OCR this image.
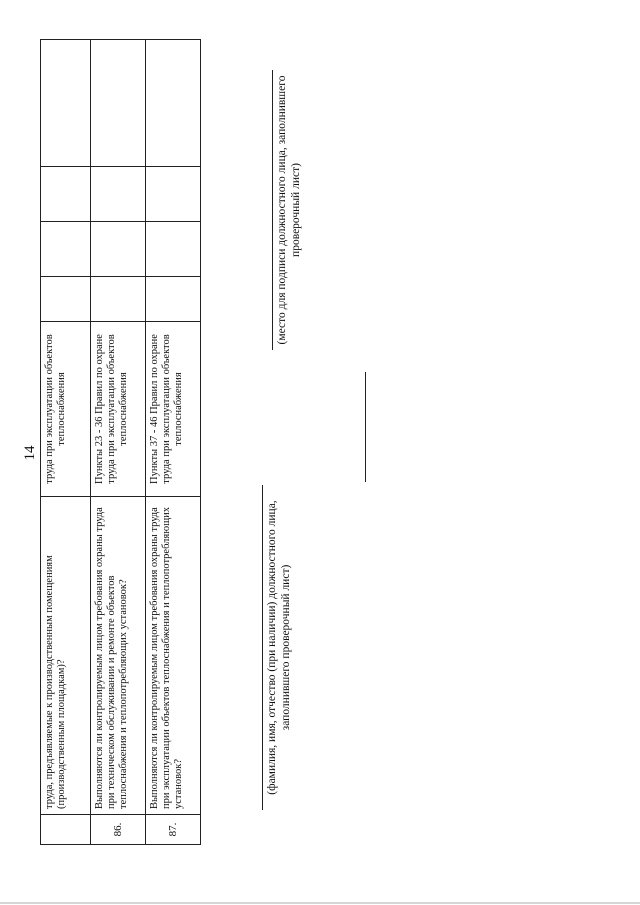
14
	труда, предъявляемые к производственным помещениям (производственным площадкам)?	труда при эксплуатации объектов теплоснабжения				
86.	Выполняются ли контролируемым лицом требования охраны труда при техническом обслуживании и ремонте объектов теплоснабжения и теплопотребляющих установок?	Пункты 23 - 36 Правил по охране труда при эксплуатации объектов теплоснабжения				
87.	Выполняются ли контролируемым лицом требования охраны труда при эксплуатации объектов теплоснабжения и теплопотребляющих установок?	Пункты 37 - 46 Правил по охране труда при эксплуатации объектов теплоснабжения				
(фамилия, имя, отчество (при наличии) должностного лица, заполнившего проверочный лист)
(место для подписи должностного лица, заполнившего проверочный лист)
